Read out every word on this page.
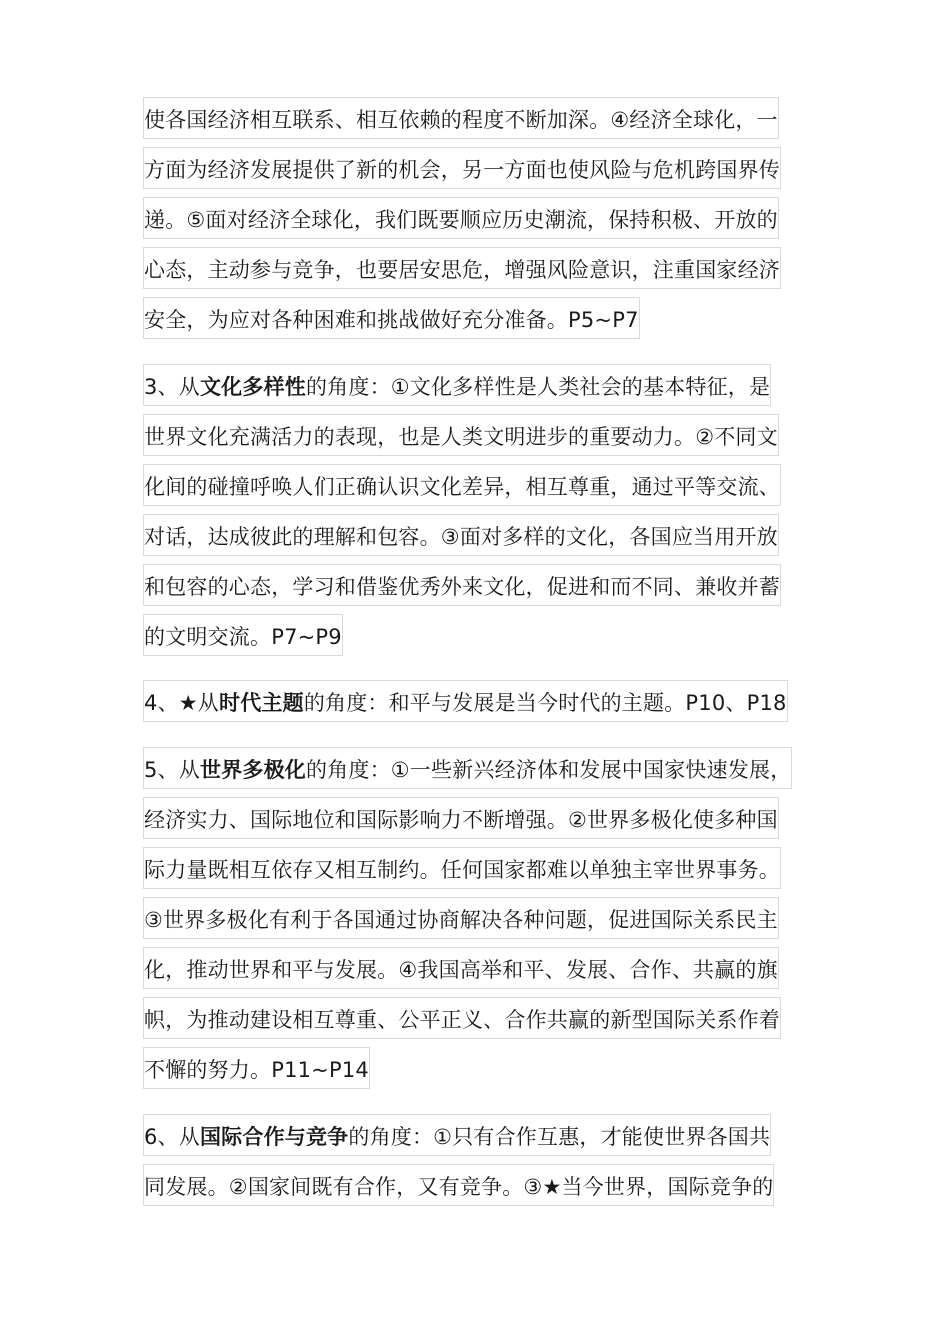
使各国经济相互联系、相互依赖的程度不断加深。④经济全球化，一
方面为经济发展提供了新的机会，另一方面也使风险与危机跨国界传
递。⑤面对经济全球化，我们既要顺应历史潮流，保持积极、开放的
心态，主动参与竞争，也要居安思危，增强风险意识，注重国家经济
安全，为应对各种困难和挑战做好充分准备。P5~P7
3、从文化多样性的角度：①文化多样性是人类社会的基本特征，是
世界文化充满活力的表现，也是人类文明进步的重要动力。②不同文
化间的碰撞呼唤人们正确认识文化差异，相互尊重，通过平等交流、
对话，达成彼此的理解和包容。③面对多样的文化，各国应当用开放
和包容的心态，学习和借鉴优秀外来文化，促进和而不同、兼收并蓄
的文明交流。P7~P9
4、★从时代主题的角度：和平与发展是当今时代的主题。P10、P18
5、从世界多极化的角度：①一些新兴经济体和发展中国家快速发展，
经济实力、国际地位和国际影响力不断增强。②世界多极化使多种国
际力量既相互依存又相互制约。任何国家都难以单独主宰世界事务。
③世界多极化有利于各国通过协商解决各种问题，促进国际关系民主
化，推动世界和平与发展。④我国高举和平、发展、合作、共赢的旗
帜，为推动建设相互尊重、公平正义、合作共赢的新型国际关系作着
不懈的努力。P11~P14
6、从国际合作与竞争的角度：①只有合作互惠，才能使世界各国共
同发展。②国家间既有合作，又有竞争。③★当今世界，国际竞争的
